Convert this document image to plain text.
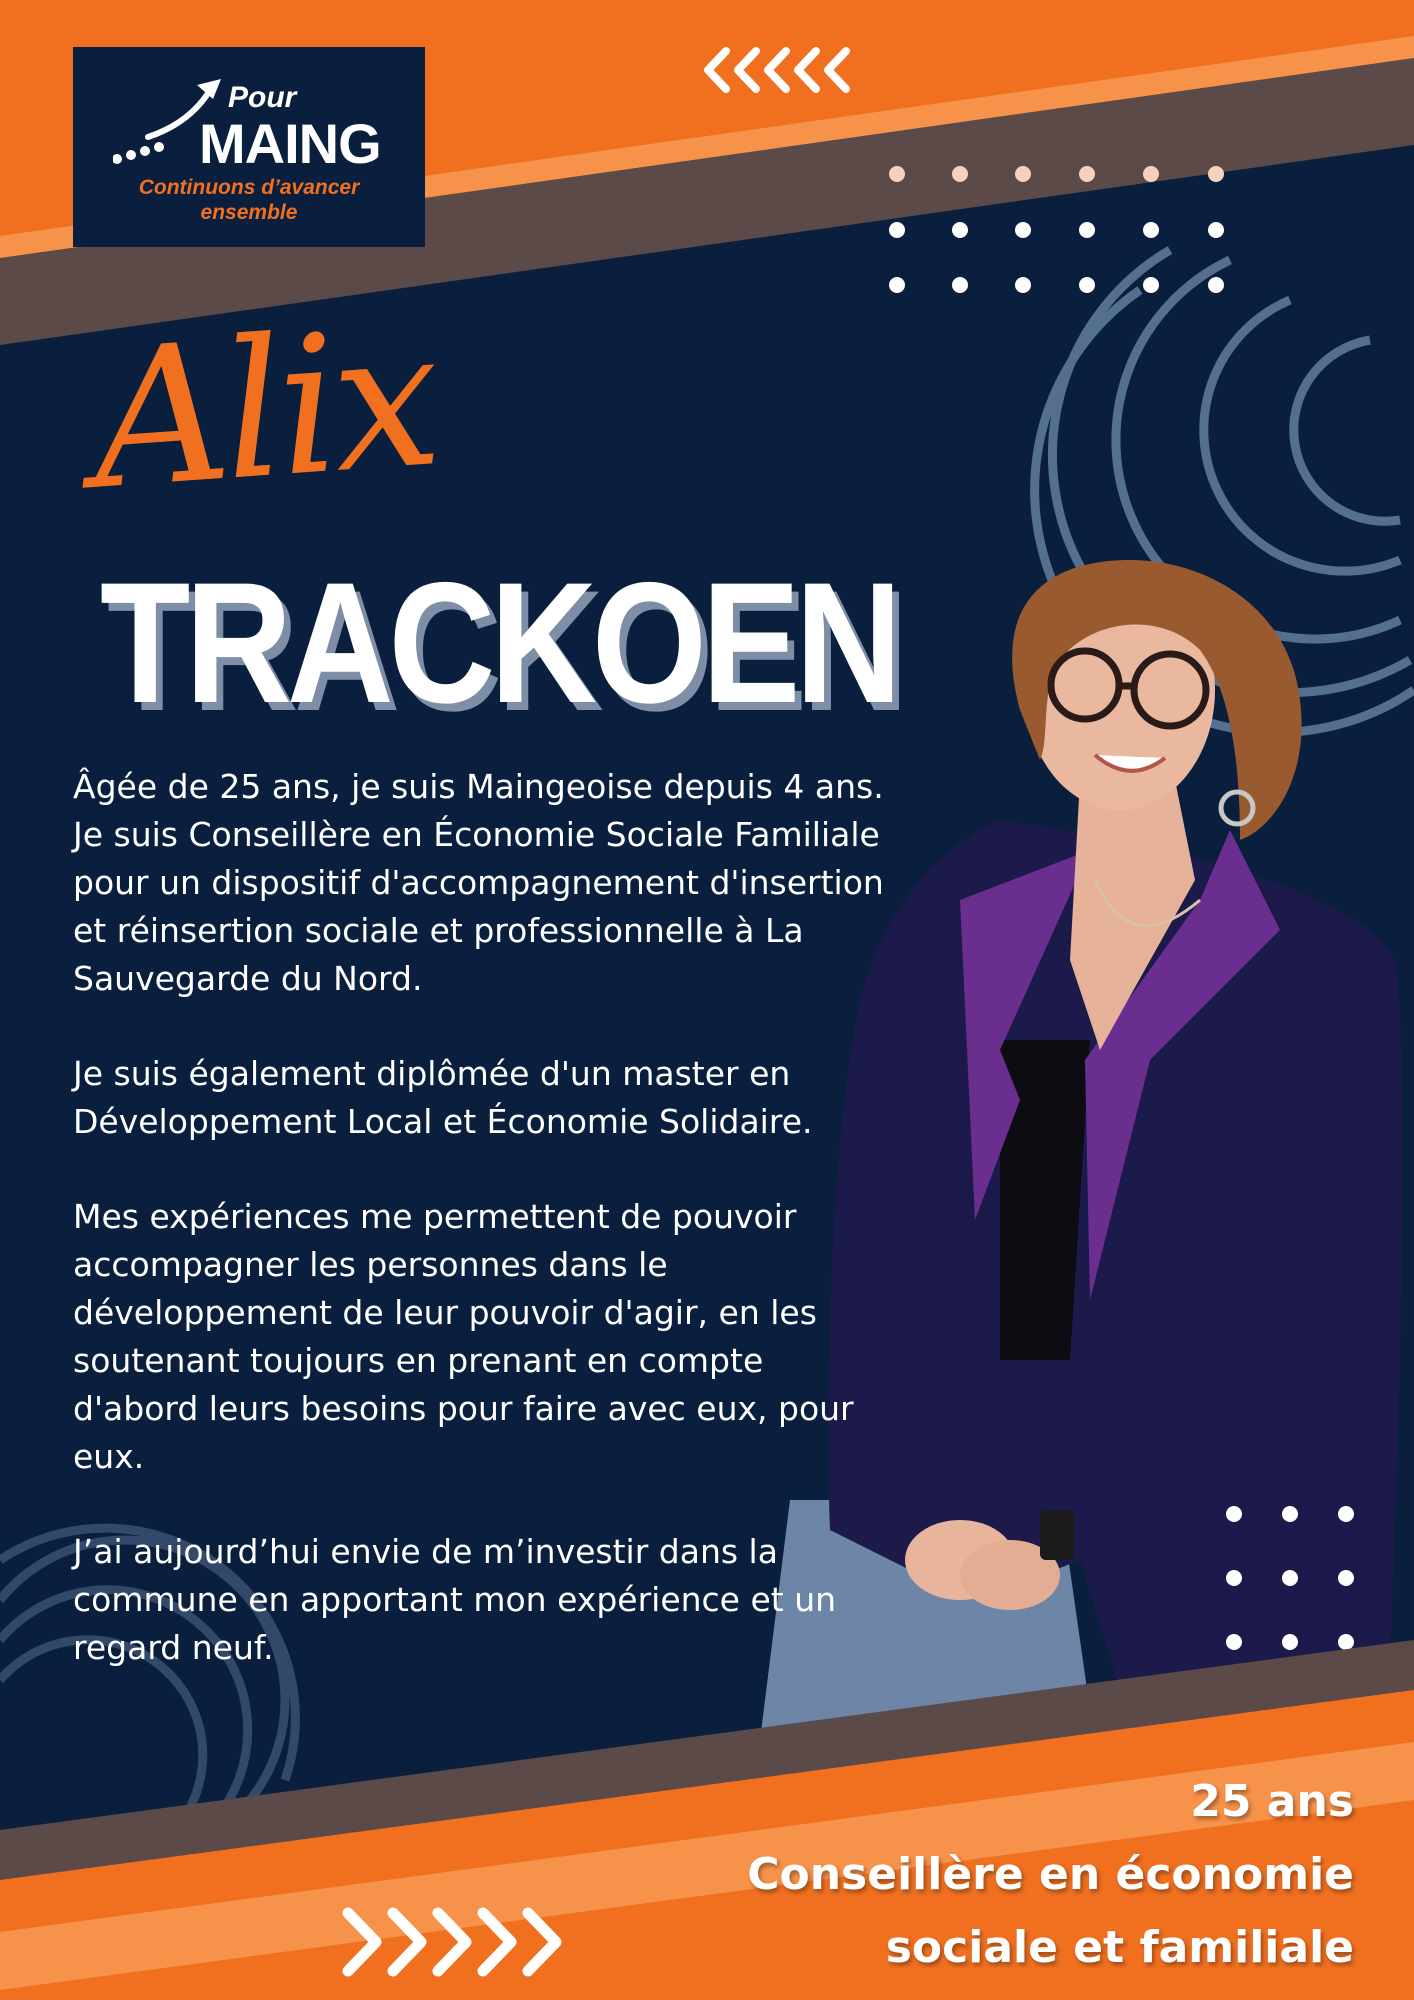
Pour
MAING
Continuons d’avancer
ensemble
TRACKOEN
Alix

Âgée de 25 ans, je suis Maingeoise depuis 4 ans. Je suis Conseillère en Économie Sociale Familiale pour un dispositif d'accompagnement d'insertion et réinsertion sociale et professionnelle à La Sauvegarde du Nord.

Je suis également diplômée d'un master en Développement Local et Économie Solidaire.

Mes expériences me permettent de pouvoir accompagner les personnes dans le développement de leur pouvoir d'agir, en les soutenant toujours en prenant en compte d'abord leurs besoins pour faire avec eux, pour eux.

J’ai aujourd’hui envie de m’investir dans la commune en apportant mon expérience et un regard neuf.

25 ans
Conseillère en économie
sociale et familiale
